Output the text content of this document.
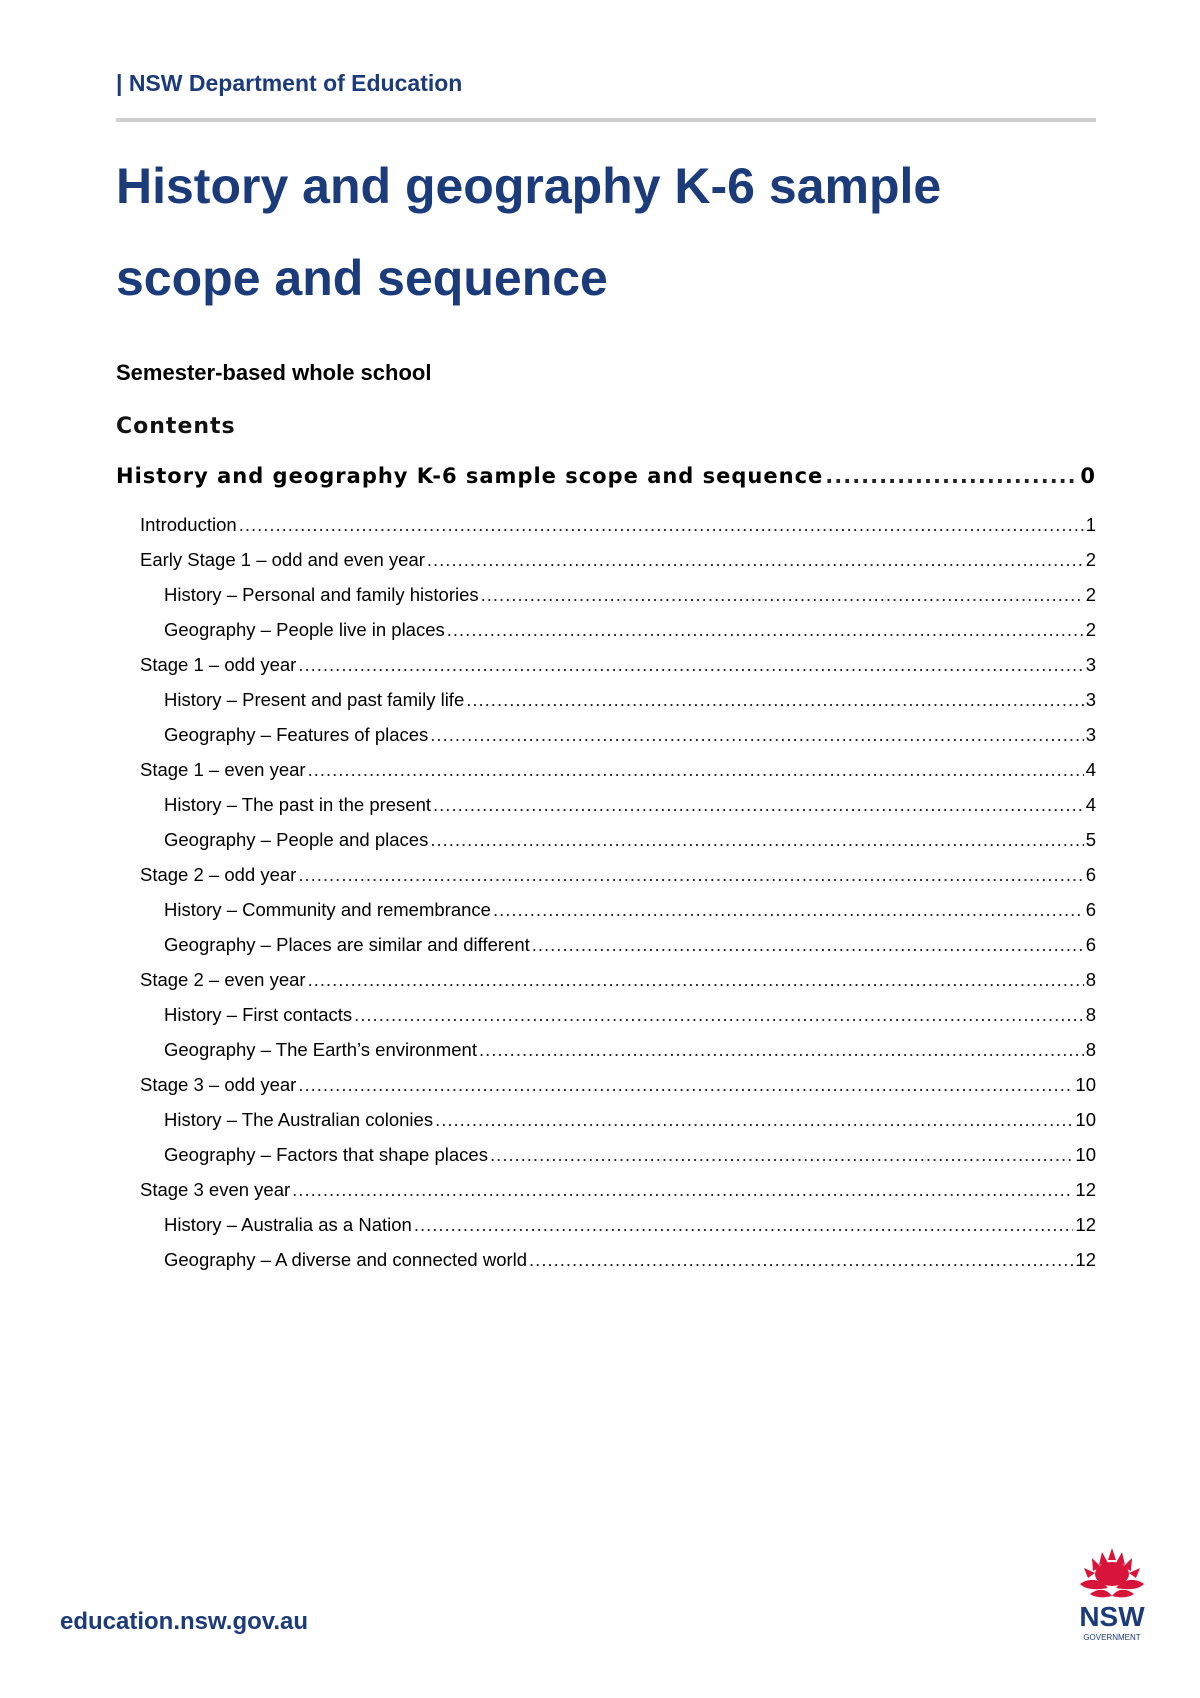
| NSW Department of Education
History and geography K-6 sample
scope and sequence
Semester-based whole school
Contents
History and geography K-6 sample scope and sequence .....	0
Introduction .....	1
Early Stage 1 – odd and even year .....	2
History – Personal and family histories .....	2
Geography – People live in places .....	2
Stage 1 – odd year .....	3
History – Present and past family life .....	3
Geography – Features of places .....	3
Stage 1 – even year .....	4
History – The past in the present .....	4
Geography – People and places .....	5
Stage 2 – odd year .....	6
History – Community and remembrance .....	6
Geography – Places are similar and different .....	6
Stage 2 – even year .....	8
History – First contacts .....	8
Geography – The Earth’s environment .....	8
Stage 3 – odd year .....	10
History – The Australian colonies .....	10
Geography – Factors that shape places .....	10
Stage 3 even year .....	12
History – Australia as a Nation .....	12
Geography – A diverse and connected world .....	12
education.nsw.gov.au	NSW
GOVERNMENT
